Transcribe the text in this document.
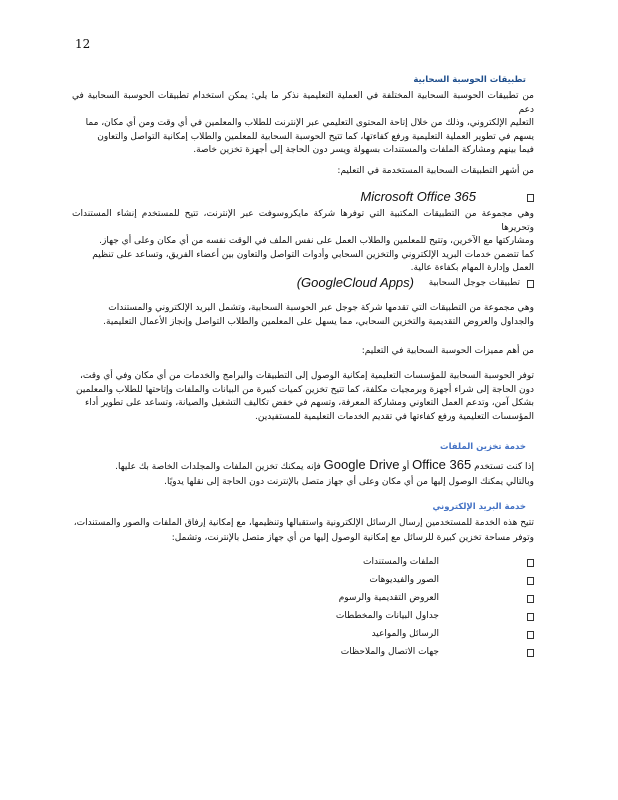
12
تطبيقات الحوسبة السحابية
من تطبيقات الحوسبة السحابية المختلفة في العملية التعليمية نذكر ما يلي: يمكن استخدام تطبيقات الحوسبة السحابية في دعم
التعليم الإلكتروني، وذلك من خلال إتاحة المحتوى التعليمي عبر الإنترنت للطلاب والمعلمين في أي وقت ومن أي مكان، مما
يسهم في تطوير العملية التعليمية ورفع كفاءتها، كما تتيح الحوسبة السحابية للمعلمين والطلاب إمكانية التواصل والتعاون
فيما بينهم ومشاركة الملفات والمستندات بسهولة ويسر دون الحاجة إلى أجهزة تخزين خاصة.
من أشهر التطبيقات السحابية المستخدمة في التعليم:
Microsoft Office 365
وهي مجموعة من التطبيقات المكتبية التي توفرها شركة مايكروسوفت عبر الإنترنت، تتيح للمستخدم إنشاء المستندات وتحريرها
ومشاركتها مع الآخرين، وتتيح للمعلمين والطلاب العمل على نفس الملف في الوقت نفسه من أي مكان وعلى أي جهاز.
كما تتضمن خدمات البريد الإلكتروني والتخزين السحابي وأدوات التواصل والتعاون بين أعضاء الفريق، وتساعد على تنظيم
العمل وإدارة المهام بكفاءة عالية.
(GoogleCloud Apps) تطبيقات جوجل السحابية
وهي مجموعة من التطبيقات التي تقدمها شركة جوجل عبر الحوسبة السحابية، وتشمل البريد الإلكتروني والمستندات
والجداول والعروض التقديمية والتخزين السحابي، مما يسهل على المعلمين والطلاب التواصل وإنجاز الأعمال التعليمية.
من أهم مميزات الحوسبة السحابية في التعليم:
توفر الحوسبة السحابية للمؤسسات التعليمية إمكانية الوصول إلى التطبيقات والبرامج والخدمات من أي مكان وفي أي وقت،
دون الحاجة إلى شراء أجهزة وبرمجيات مكلفة، كما تتيح تخزين كميات كبيرة من البيانات والملفات وإتاحتها للطلاب والمعلمين
بشكل آمن، وتدعم العمل التعاوني ومشاركة المعرفة، وتسهم في خفض تكاليف التشغيل والصيانة، وتساعد على تطوير أداء
المؤسسات التعليمية ورفع كفاءتها في تقديم الخدمات التعليمية للمستفيدين.
خدمة تخزين الملفات
إذا كنت تستخدم Office 365 أو Google Drive فإنه يمكنك تخزين الملفات والمجلدات الخاصة بك عليها.
وبالتالي يمكنك الوصول إليها من أي مكان وعلى أي جهاز متصل بالإنترنت دون الحاجة إلى نقلها يدويًا.
خدمة البريد الإلكتروني
تتيح هذه الخدمة للمستخدمين إرسال الرسائل الإلكترونية واستقبالها وتنظيمها، مع إمكانية إرفاق الملفات والصور والمستندات،
وتوفر مساحة تخزين كبيرة للرسائل مع إمكانية الوصول إليها من أي جهاز متصل بالإنترنت، وتشمل:
الملفات والمستندات
الصور والفيديوهات
العروض التقديمية والرسوم
جداول البيانات والمخططات
الرسائل والمواعيد
جهات الاتصال والملاحظات
